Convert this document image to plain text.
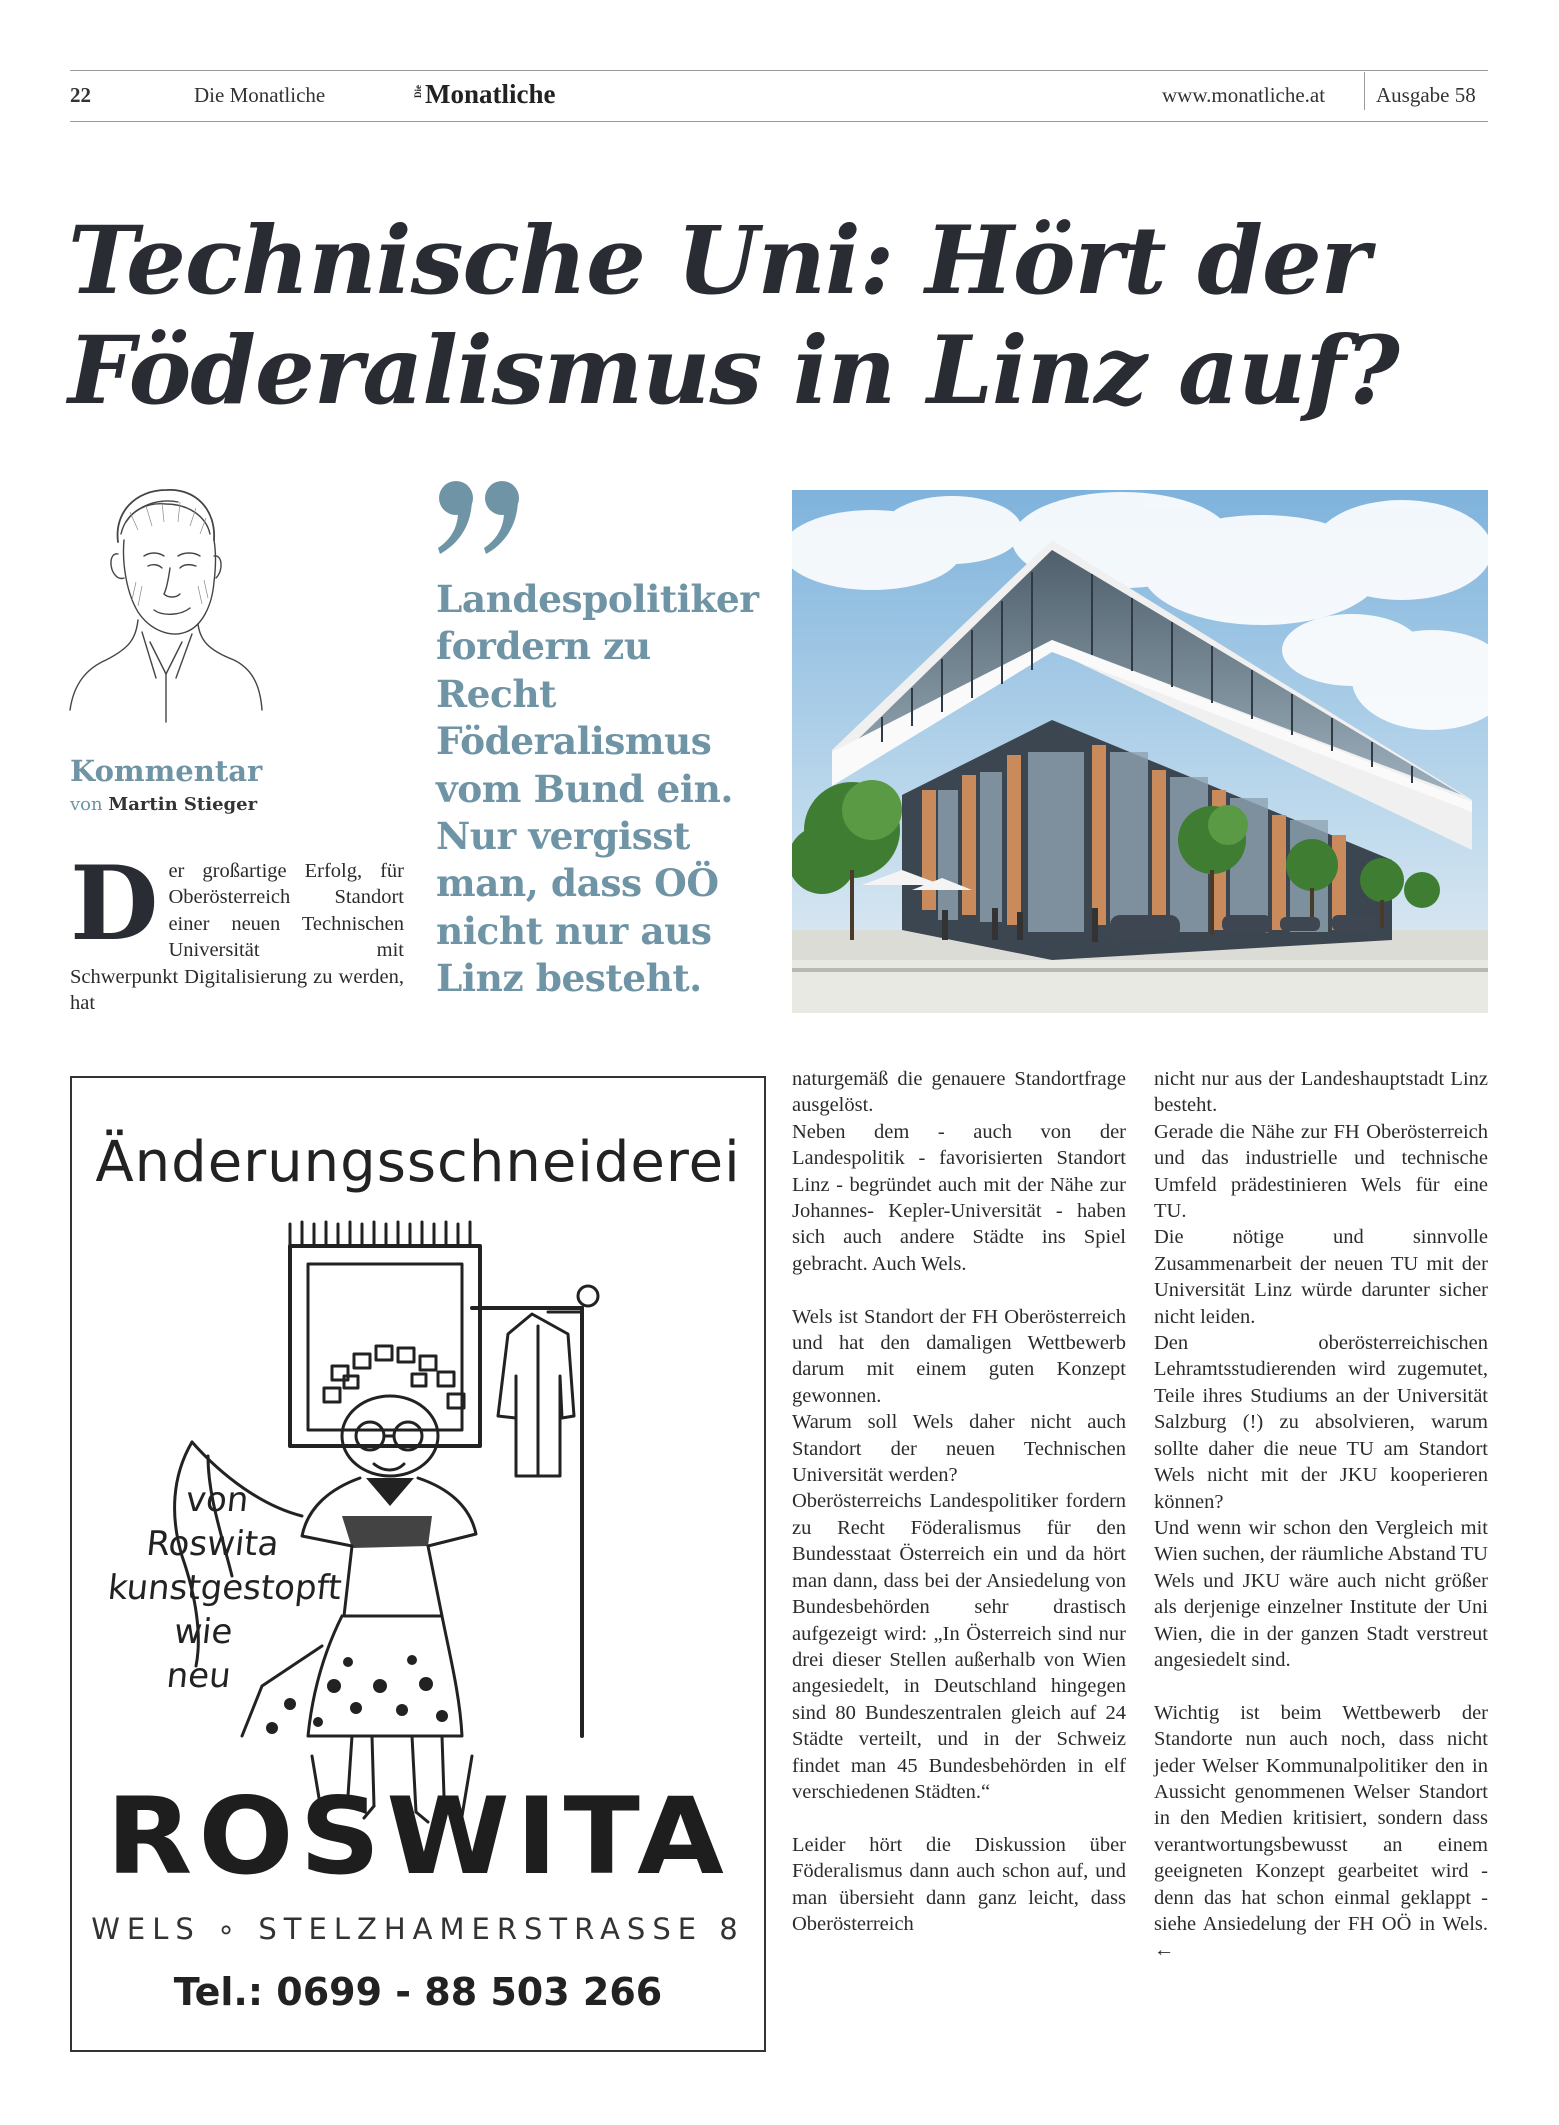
22	Die Monatliche	Die Monatliche	www.monatliche.at Ausgabe 58
Technische Uni: Hört der Föderalismus in Linz auf?
Kommentar
von Martin Stieger
D er großartige Erfolg, für Oberösterreich Standort einer neuen Technischen Universität mit Schwerpunkt Digitalisierung zu werden, hat
Landespolitiker fordern zu Recht Föderalismus vom Bund ein. Nur vergisst man, dass OÖ nicht nur aus Linz besteht.
Änderungsschneiderei
von
Roswita
kunstgestopft
wie
neu
ROSWITA
WELS ∘ STELZHAMERSTRASSE 8
Tel.: 0699 - 88 503 266

naturgemäß die genauere Standortfrage ausgelöst.

Neben dem - auch von der Landespolitik - favorisierten Standort Linz - begründet auch mit der Nähe zur Johannes- Kepler-Universität - haben sich auch andere Städte ins Spiel gebracht. Auch Wels.

Wels ist Standort der FH Oberösterreich und hat den damaligen Wettbewerb darum mit einem guten Konzept gewonnen.

Warum soll Wels daher nicht auch Standort der neuen Technischen Universität werden?

Oberösterreichs Landespolitiker fordern zu Recht Föderalismus für den Bundesstaat Österreich ein und da hört man dann, dass bei der Ansiedelung von Bundesbehörden sehr drastisch aufgezeigt wird: „In Österreich sind nur drei dieser Stellen außerhalb von Wien angesiedelt, in Deutschland hingegen sind 80 Bundeszentralen gleich auf 24 Städte verteilt, und in der Schweiz findet man 45 Bundesbehörden in elf verschiedenen Städten.“

Leider hört die Diskussion über Föderalismus dann auch schon auf, und man übersieht dann ganz leicht, dass Oberösterreich

nicht nur aus der Landeshauptstadt Linz besteht.

Gerade die Nähe zur FH Oberösterreich und das industrielle und technische Umfeld prädestinieren Wels für eine TU.

Die nötige und sinnvolle Zusammenarbeit der neuen TU mit der Universität Linz würde darunter sicher nicht leiden.

Den oberösterreichischen Lehramtsstudierenden wird zugemutet, Teile ihres Studiums an der Universität Salzburg (!) zu absolvieren, warum sollte daher die neue TU am Standort Wels nicht mit der JKU kooperieren können?

Und wenn wir schon den Vergleich mit Wien suchen, der räumliche Abstand TU Wels und JKU wäre auch nicht größer als derjenige einzelner Institute der Uni Wien, die in der ganzen Stadt verstreut angesiedelt sind.

Wichtig ist beim Wettbewerb der Standorte nun auch noch, dass nicht jeder Welser Kommunalpolitiker den in Aussicht genommenen Welser Standort in den Medien kritisiert, sondern dass verantwortungsbewusst an einem geeigneten Konzept gearbeitet wird - denn das hat schon einmal geklappt - siehe Ansiedelung der FH OÖ in Wels. ←
